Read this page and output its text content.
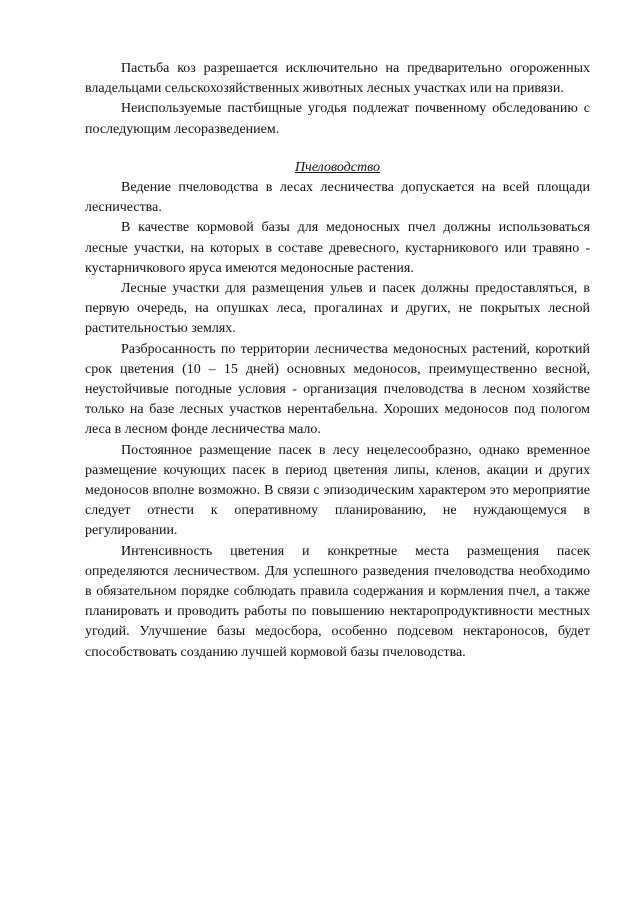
Пастьба коз разрешается исключительно на предварительно огороженных владельцами сельскохозяйственных животных лесных участках или на привязи.

Неиспользуемые пастбищные угодья подлежат почвенному обследованию с последующим лесоразведением.

Пчеловодство

Ведение пчеловодства в лесах лесничества допускается на всей площади лесничества.

В качестве кормовой базы для медоносных пчел должны использоваться лесные участки, на которых в составе древесного, кустарникового или травяно - кустарничкового яруса имеются медоносные растения.

Лесные участки для размещения ульев и пасек должны предоставляться, в первую очередь, на опушках леса, прогалинах и других, не покрытых лесной растительностью землях.

Разбросанность по территории лесничества медоносных растений, короткий срок цветения (10 – 15 дней) основных медоносов, преимущественно весной, неустойчивые погодные условия - организация пчеловодства в лесном хозяйстве только на базе лесных участков нерентабельна. Хороших медоносов под пологом леса в лесном фонде лесничества мало.

Постоянное размещение пасек в лесу нецелесообразно, однако временное размещение кочующих пасек в период цветения липы, кленов, акации и других медоносов вполне возможно. В связи с эпизодическим характером это мероприятие следует отнести к оперативному планированию, не нуждающемуся в регулировании.

Интенсивность цветения и конкретные места размещения пасек определяются лесничеством. Для успешного разведения пчеловодства необходимо в обязательном порядке соблюдать правила содержания и кормления пчел, а также планировать и проводить работы по повышению нектаропродуктивности местных угодий. Улучшение базы медосбора, особенно подсевом нектароносов, будет способствовать созданию лучшей кормовой базы пчеловодства.
